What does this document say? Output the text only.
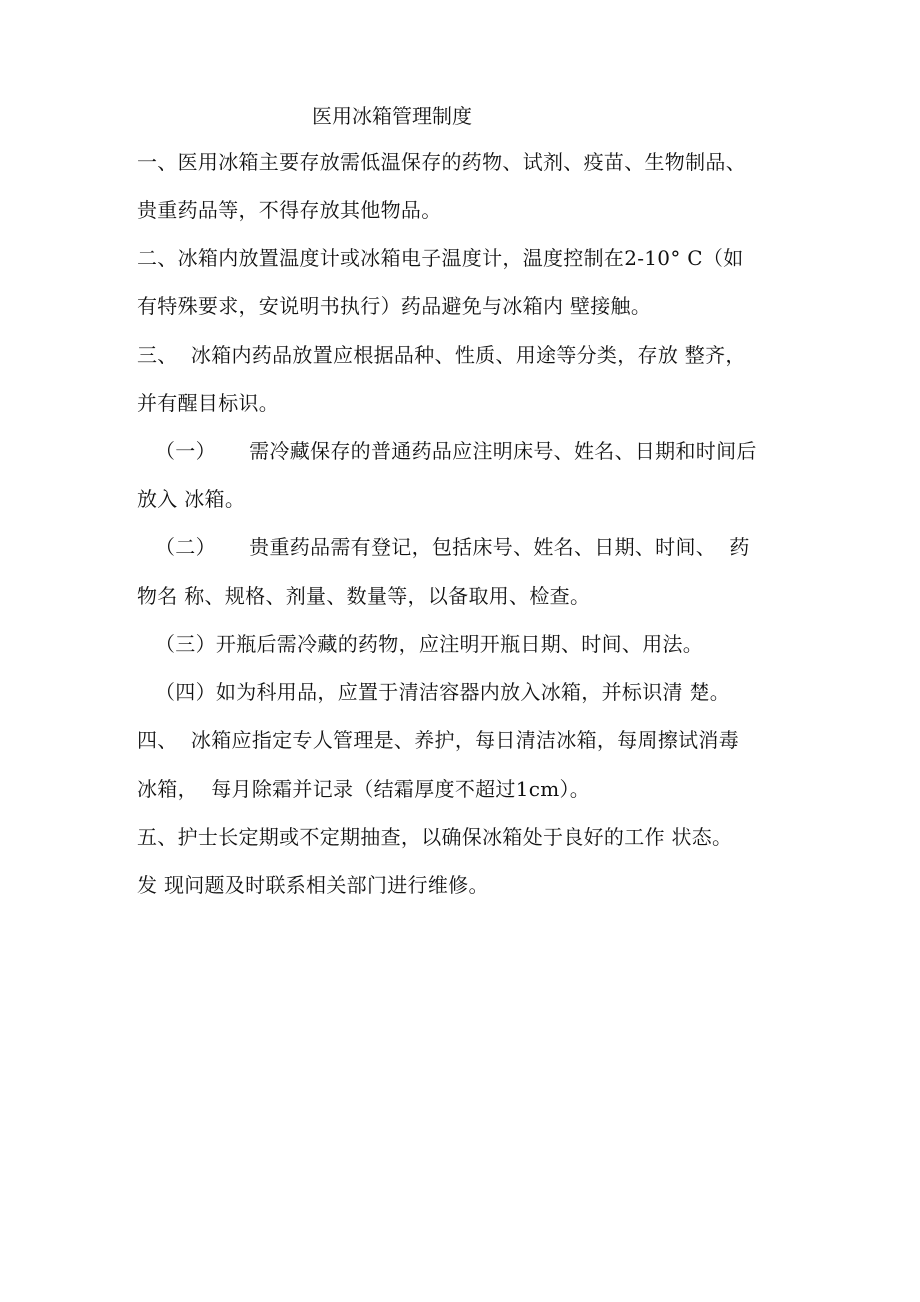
医用冰箱管理制度
一、医用冰箱主要存放需低温保存的药物、试剂、疫苗、生物制品、
贵重药品等，不得存放其他物品。
二、冰箱内放置温度计或冰箱电子温度计，温度控制在2-10° C（如
有特殊要求，安说明书执行）药品避免与冰箱内 壁接触。
三、  冰箱内药品放置应根据品种、性质、用途等分类，存放 整齐，
并有醒目标识。
（一）     需冷藏保存的普通药品应注明床号、姓名、日期和时间后
放入 冰箱。
（二）     贵重药品需有登记，包括床号、姓名、日期、时间、  药
物名 称、规格、剂量、数量等，以备取用、检查。
（三）开瓶后需冷藏的药物，应注明开瓶日期、时间、用法。
（四）如为科用品，应置于清洁容器内放入冰箱，并标识清 楚。
四、  冰箱应指定专人管理是、养护，每日清洁冰箱，每周擦试消毒
冰箱，  每月除霜并记录（结霜厚度不超过1cm）。
五、护士长定期或不定期抽查，以确保冰箱处于良好的工作 状态。
发 现问题及时联系相关部门进行维修。
